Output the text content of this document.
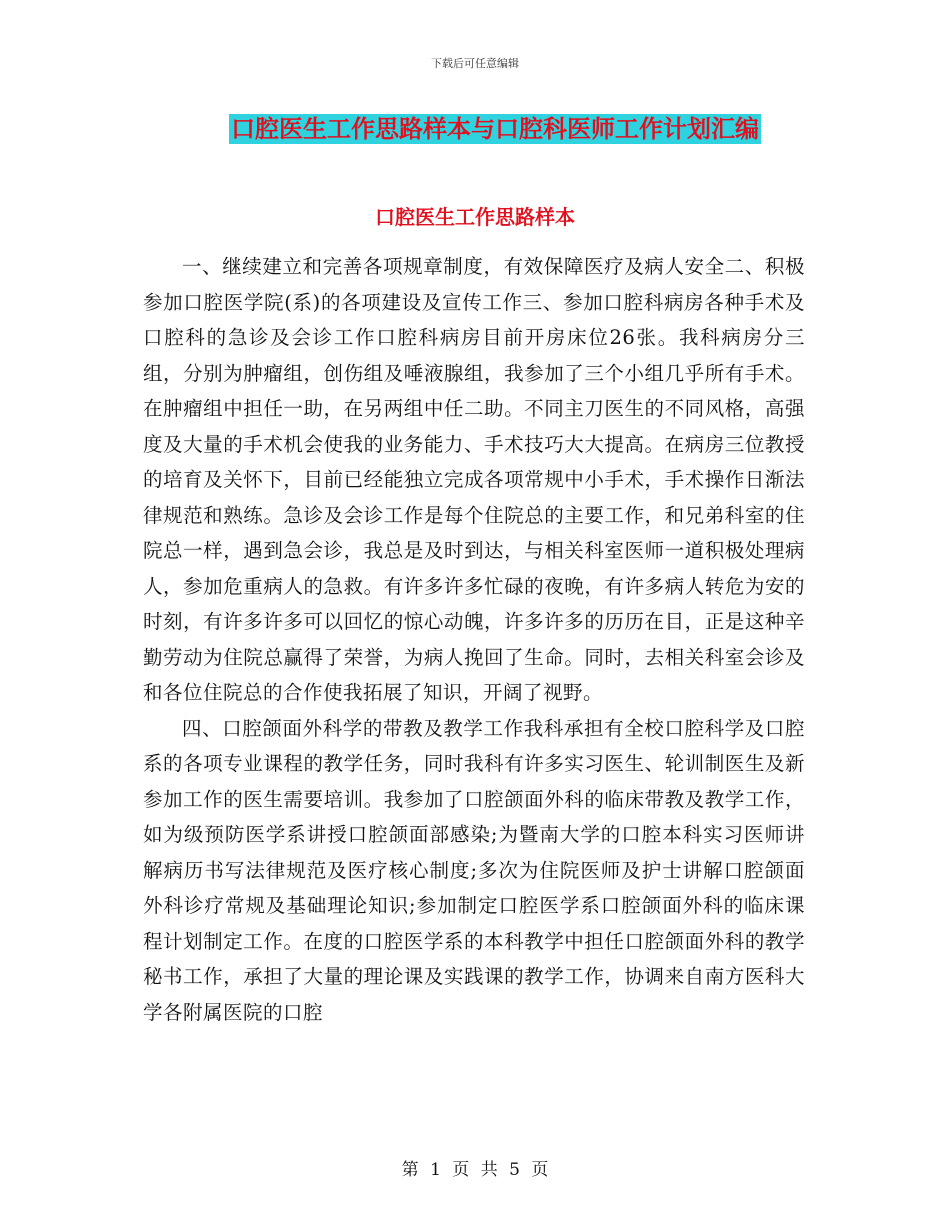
下载后可任意编辑
口腔医生工作思路样本与口腔科医师工作计划汇编
口腔医生工作思路样本

一、继续建立和完善各项规章制度，有效保障医疗及病人安全二、积极参加口腔医学院(系)的各项建设及宣传工作三、参加口腔科病房各种手术及口腔科的急诊及会诊工作口腔科病房目前开房床位26张。我科病房分三组，分别为肿瘤组，创伤组及唾液腺组，我参加了三个小组几乎所有手术。在肿瘤组中担任一助，在另两组中任二助。不同主刀医生的不同风格，高强度及大量的手术机会使我的业务能力、手术技巧大大提高。在病房三位教授的培育及关怀下，目前已经能独立完成各项常规中小手术，手术操作日渐法律规范和熟练。急诊及会诊工作是每个住院总的主要工作，和兄弟科室的住院总一样，遇到急会诊，我总是及时到达，与相关科室医师一道积极处理病人，参加危重病人的急救。有许多许多忙碌的夜晚，有许多病人转危为安的时刻，有许多许多可以回忆的惊心动魄，许多许多的历历在目，正是这种辛勤劳动为住院总赢得了荣誉，为病人挽回了生命。同时，去相关科室会诊及和各位住院总的合作使我拓展了知识，开阔了视野。

四、口腔颌面外科学的带教及教学工作我科承担有全校口腔科学及口腔系的各项专业课程的教学任务，同时我科有许多实习医生、轮训制医生及新参加工作的医生需要培训。我参加了口腔颌面外科的临床带教及教学工作，如为级预防医学系讲授口腔颌面部感染;为暨南大学的口腔本科实习医师讲解病历书写法律规范及医疗核心制度;多次为住院医师及护士讲解口腔颌面外科诊疗常规及基础理论知识;参加制定口腔医学系口腔颌面外科的临床课程计划制定工作。在度的口腔医学系的本科教学中担任口腔颌面外科的教学秘书工作，承担了大量的理论课及实践课的教学工作，协调来自南方医科大学各附属医院的口腔

第 1 页 共 5 页
